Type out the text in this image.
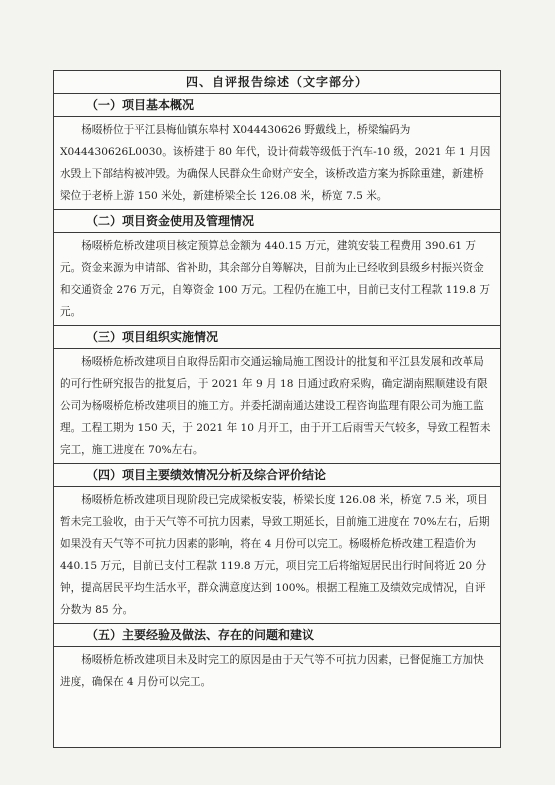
四、自评报告综述（文字部分）
（一）项目基本概况

杨啜桥位于平江县梅仙镇东皋村 X044430626 野戴线上，桥梁编码为 X044430626L0030。该桥建于 80 年代，设计荷载等级低于汽车-10 级，2021 年 1 月因水毁上下部结构被冲毁。为确保人民群众生命财产安全，该桥改造方案为拆除重建，新建桥梁位于老桥上游 150 米处，新建桥梁全长 126.08 米，桥宽 7.5 米。

（二）项目资金使用及管理情况

杨啜桥危桥改建项目核定预算总金额为 440.15 万元，建筑安装工程费用 390.61 万元。资金来源为申请部、省补助，其余部分自筹解决，目前为止已经收到县级乡村振兴资金和交通资金 276 万元，自筹资金 100 万元。工程仍在施工中，目前已支付工程款 119.8 万元。

（三）项目组织实施情况

杨啜桥危桥改建项目自取得岳阳市交通运输局施工图设计的批复和平江县发展和改革局的可行性研究报告的批复后，于 2021 年 9 月 18 日通过政府采购，确定湖南熙顺建设有限公司为杨啜桥危桥改建项目的施工方。并委托湖南通达建设工程咨询监理有限公司为施工监理。工程工期为 150 天，于 2021 年 10 月开工，由于开工后雨雪天气较多，导致工程暂未完工，施工进度在 70%左右。

（四）项目主要绩效情况分析及综合评价结论

杨啜桥危桥改建项目现阶段已完成梁板安装，桥梁长度 126.08 米，桥宽 7.5 米，项目暂未完工验收，由于天气等不可抗力因素，导致工期延长，目前施工进度在 70%左右，后期如果没有天气等不可抗力因素的影响，将在 4 月份可以完工。杨啜桥危桥改建工程造价为 440.15 万元，目前已支付工程款 119.8 万元，项目完工后将缩短居民出行时间将近 20 分钟，提高居民平均生活水平，群众满意度达到 100%。根据工程施工及绩效完成情况，自评分数为 85 分。

（五）主要经验及做法、存在的问题和建议

杨啜桥危桥改建项目未及时完工的原因是由于天气等不可抗力因素，已督促施工方加快进度，确保在 4 月份可以完工。
